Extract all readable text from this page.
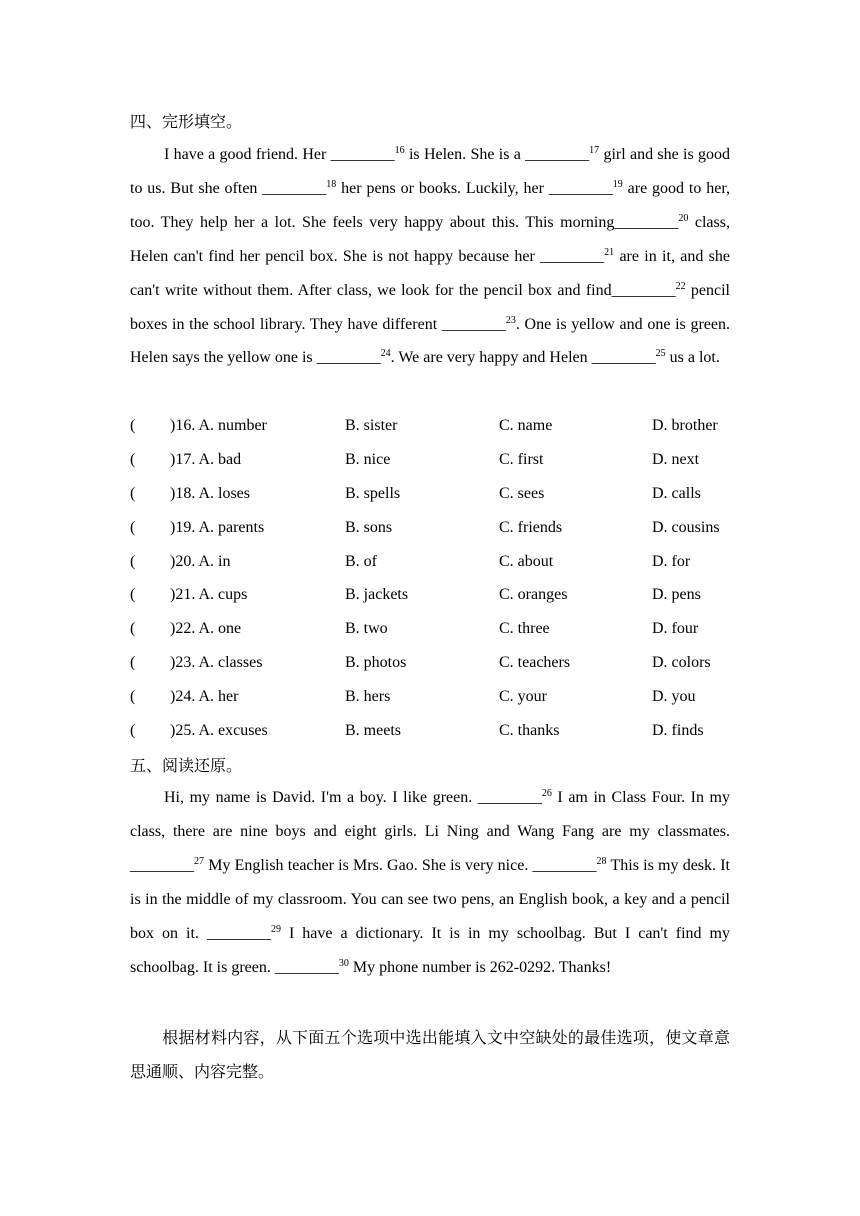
四、完形填空。
I have a good friend. Her ________$^{16}$ is Helen. She is a ________$^{17}$ girl and she is good to us. But she often ________$^{18}$ her pens or books. Luckily, her ________$^{19}$ are good to her, too. They help her a lot. She feels very happy about this. This morning________$^{20}$ class, Helen can't find her pencil box. She is not happy because her ________$^{21}$ are in it, and she can't write without them. After class, we look for the pencil box and find________$^{22}$ pencil boxes in the school library. They have different ________$^{23}$. One is yellow and one is green. Helen says the yellow one is ________$^{24}$. We are very happy and Helen ________$^{25}$ us a lot.
( )16. A. number	B. sister	C. name	D. brother
( )17. A. bad	B. nice	C. first	D. next
( )18. A. loses	B. spells	C. sees	D. calls
( )19. A. parents	B. sons	C. friends	D. cousins
( )20. A. in	B. of	C. about	D. for
( )21. A. cups	B. jackets	C. oranges	D. pens
( )22. A. one	B. two	C. three	D. four
( )23. A. classes	B. photos	C. teachers	D. colors
( )24. A. her	B. hers	C. your	D. you
( )25. A. excuses	B. meets	C. thanks	D. finds
五、阅读还原。
Hi, my name is David. I'm a boy. I like green. ________$^{26}$ I am in Class Four. In my class, there are nine boys and eight girls. Li Ning and Wang Fang are my classmates. ________$^{27}$ My English teacher is Mrs. Gao. She is very nice. ________$^{28}$ This is my desk. It is in the middle of my classroom. You can see two pens, an English book, a key and a pencil box on it. ________$^{29}$ I have a dictionary. It is in my schoolbag. But I can't find my schoolbag. It is green. ________$^{30}$ My phone number is 262-0292. Thanks!
根据材料内容，从下面五个选项中选出能填入文中空缺处的最佳选项，使文章意思通顺、内容完整。
